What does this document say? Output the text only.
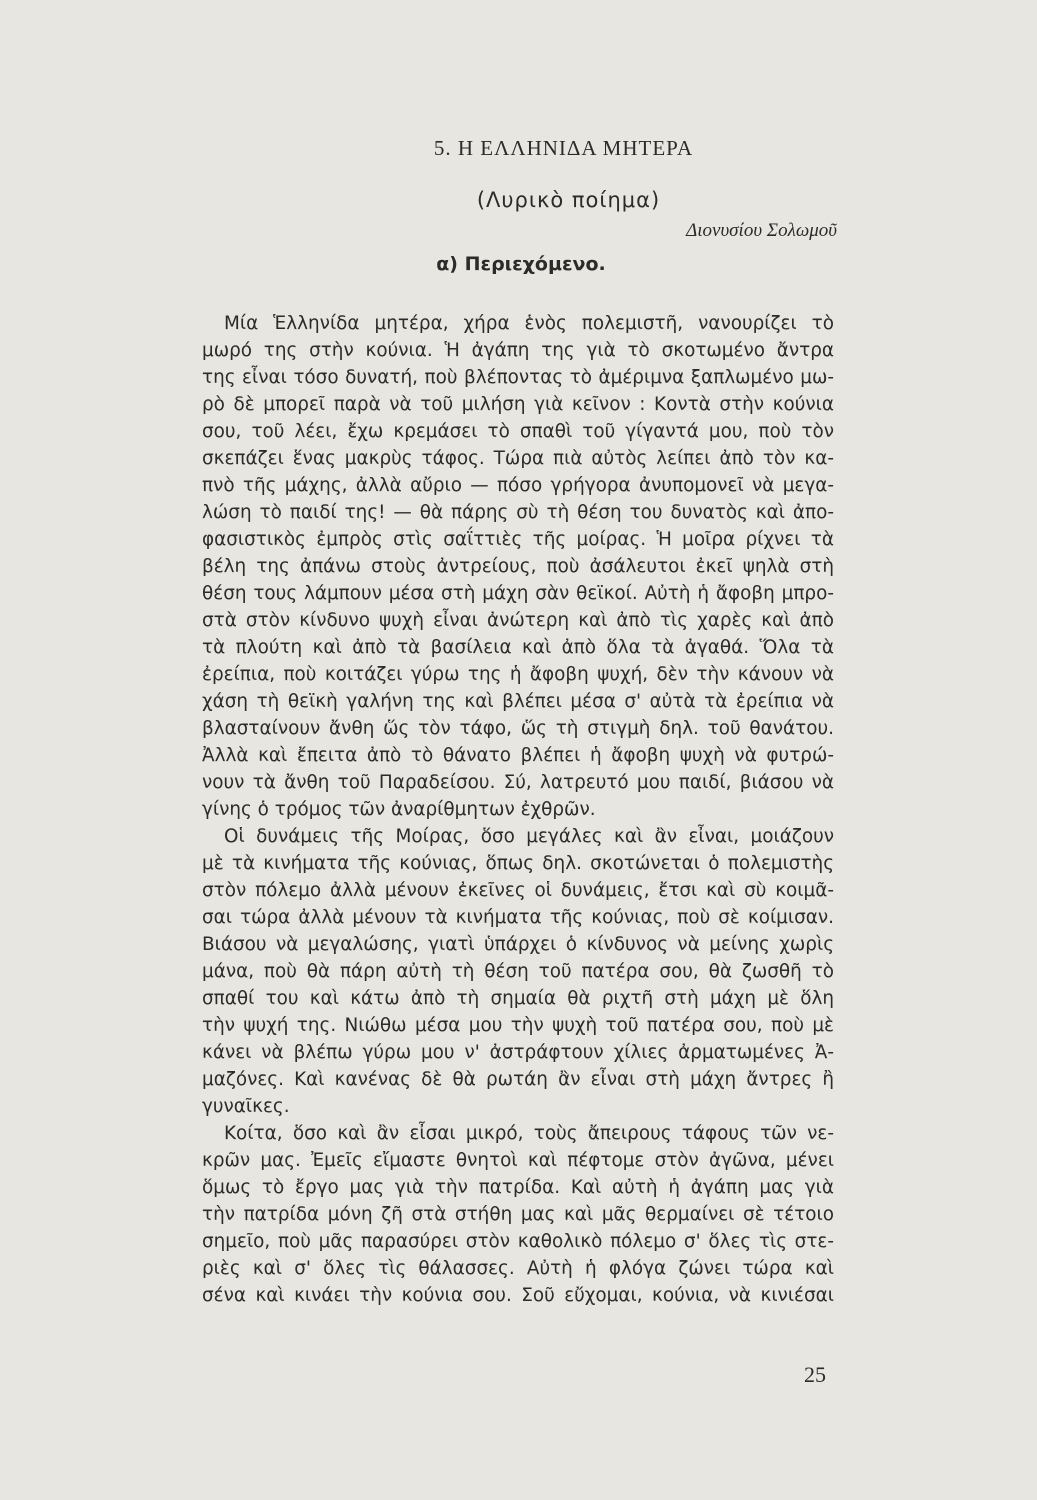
5. Η ΕΛΛΗΝΙΔΑ ΜΗΤΕΡΑ
(Λυρικὸ ποίημα)
Διονυσίου Σολωμοῦ
α) Περιεχόμενο.
Μία Ἑλληνίδα μητέρα, χήρα ἑνὸς πολεμιστῆ, νανουρίζει τὸ
μωρό της στὴν κούνια. Ἡ ἀγάπη της γιὰ τὸ σκοτωμένο ἄντρα
της εἶναι τόσο δυνατή, ποὺ βλέποντας τὸ ἀμέριμνα ξαπλωμένο μω-
ρὸ δὲ μπορεῖ παρὰ νὰ τοῦ μιλήση γιὰ κεῖνον : Κοντὰ στὴν κούνια
σου, τοῦ λέει, ἔχω κρεμάσει τὸ σπαθὶ τοῦ γίγαντά μου, ποὺ τὸν
σκεπάζει ἕνας μακρὺς τάφος. Τώρα πιὰ αὐτὸς λείπει ἀπὸ τὸν κα-
πνὸ τῆς μάχης, ἀλλὰ αὔριο — πόσο γρήγορα ἀνυπομονεῖ νὰ μεγα-
λώση τὸ παιδί της! — θὰ πάρης σὺ τὴ θέση του δυνατὸς καὶ ἀπο-
φασιστικὸς ἐμπρὸς στὶς σαΐττιὲς τῆς μοίρας. Ἡ μοῖρα ρίχνει τὰ
βέλη της ἀπάνω στοὺς ἀντρείους, ποὺ ἀσάλευτοι ἐκεῖ ψηλὰ στὴ
θέση τους λάμπουν μέσα στὴ μάχη σὰν θεϊκοί. Αὐτὴ ἡ ἄφοβη μπρο-
στὰ στὸν κίνδυνο ψυχὴ εἶναι ἀνώτερη καὶ ἀπὸ τὶς χαρὲς καὶ ἀπὸ
τὰ πλούτη καὶ ἀπὸ τὰ βασίλεια καὶ ἀπὸ ὅλα τὰ ἀγαθά. Ὅλα τὰ
ἐρείπια, ποὺ κοιτάζει γύρω της ἡ ἄφοβη ψυχή, δὲν τὴν κάνουν νὰ
χάση τὴ θεϊκὴ γαλήνη της καὶ βλέπει μέσα σ' αὐτὰ τὰ ἐρείπια νὰ
βλασταίνουν ἄνθη ὥς τὸν τάφο, ὥς τὴ στιγμὴ δηλ. τοῦ θανάτου.
Ἀλλὰ καὶ ἔπειτα ἀπὸ τὸ θάνατο βλέπει ἡ ἄφοβη ψυχὴ νὰ φυτρώ-
νουν τὰ ἄνθη τοῦ Παραδείσου. Σύ, λατρευτό μου παιδί, βιάσου νὰ
γίνης ὁ τρόμος τῶν ἀναρίθμητων ἐχθρῶν.
Οἱ δυνάμεις τῆς Μοίρας, ὅσο μεγάλες καὶ ἂν εἶναι, μοιάζουν
μὲ τὰ κινήματα τῆς κούνιας, ὅπως δηλ. σκοτώνεται ὁ πολεμιστὴς
στὸν πόλεμο ἀλλὰ μένουν ἐκεῖνες οἱ δυνάμεις, ἔτσι καὶ σὺ κοιμᾶ-
σαι τώρα ἀλλὰ μένουν τὰ κινήματα τῆς κούνιας, ποὺ σὲ κοίμισαν.
Βιάσου νὰ μεγαλώσης, γιατὶ ὑπάρχει ὁ κίνδυνος νὰ μείνης χωρὶς
μάνα, ποὺ θὰ πάρη αὐτὴ τὴ θέση τοῦ πατέρα σου, θὰ ζωσθῆ τὸ
σπαθί του καὶ κάτω ἀπὸ τὴ σημαία θὰ ριχτῆ στὴ μάχη μὲ ὅλη
τὴν ψυχή της. Νιώθω μέσα μου τὴν ψυχὴ τοῦ πατέρα σου, ποὺ μὲ
κάνει νὰ βλέπω γύρω μου ν' ἀστράφτουν χίλιες ἀρματωμένες Ἀ-
μαζόνες. Καὶ κανένας δὲ θὰ ρωτάη ἂν εἶναι στὴ μάχη ἄντρες ἢ
γυναῖκες.
Κοίτα, ὅσο καὶ ἂν εἶσαι μικρό, τοὺς ἄπειρους τάφους τῶν νε-
κρῶν μας. Ἐμεῖς εἴμαστε θνητοὶ καὶ πέφτομε στὸν ἀγῶνα, μένει
ὅμως τὸ ἔργο μας γιὰ τὴν πατρίδα. Καὶ αὐτὴ ἡ ἀγάπη μας γιὰ
τὴν πατρίδα μόνη ζῆ στὰ στήθη μας καὶ μᾶς θερμαίνει σὲ τέτοιο
σημεῖο, ποὺ μᾶς παρασύρει στὸν καθολικὸ πόλεμο σ' ὅλες τὶς στε-
ριὲς καὶ σ' ὅλες τὶς θάλασσες. Αὐτὴ ἡ φλόγα ζώνει τώρα καὶ
σένα καὶ κινάει τὴν κούνια σου. Σοῦ εὔχομαι, κούνια, νὰ κινιέσαι
25
